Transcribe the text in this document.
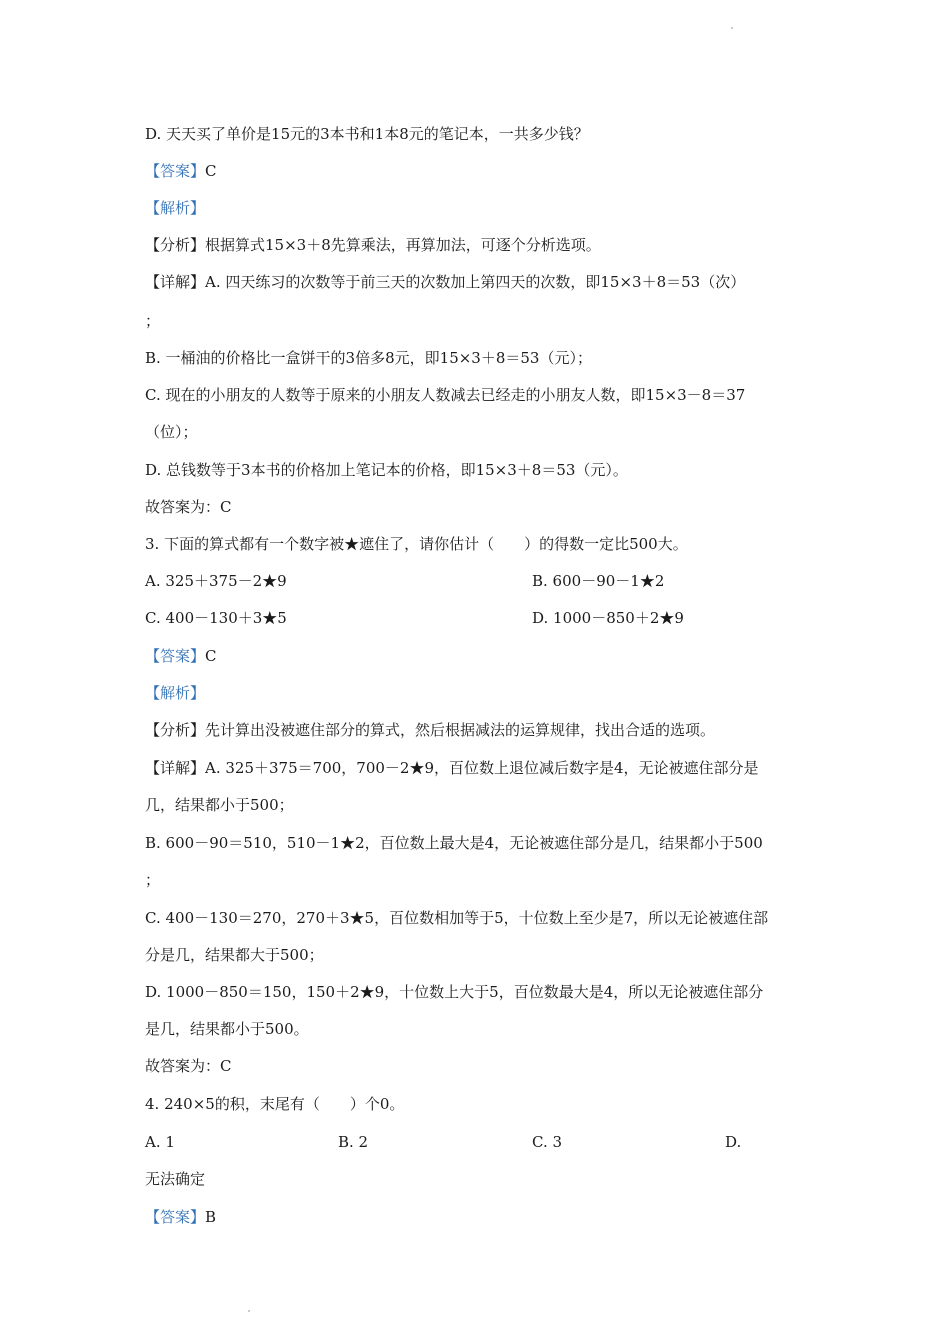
D. 天天买了单价是15元的3本书和1本8元的笔记本，一共多少钱？
【答案】C
【解析】
【分析】根据算式15×3＋8先算乘法，再算加法，可逐个分析选项。
【详解】A. 四天练习的次数等于前三天的次数加上第四天的次数，即15×3＋8＝53（次）
；
B. 一桶油的价格比一盒饼干的3倍多8元，即15×3＋8＝53（元）；
C. 现在的小朋友的人数等于原来的小朋友人数减去已经走的小朋友人数，即15×3－8＝37
（位）；
D. 总钱数等于3本书的价格加上笔记本的价格，即15×3＋8＝53（元）。
故答案为：C
3. 下面的算式都有一个数字被★遮住了，请你估计（　　）的得数一定比500大。
A. 325＋375－2★9	B. 600－90－1★2
C. 400－130＋3★5	D. 1000－850＋2★9
【答案】C
【解析】
【分析】先计算出没被遮住部分的算式，然后根据减法的运算规律，找出合适的选项。
【详解】A. 325＋375＝700，700－2★9，百位数上退位减后数字是4，无论被遮住部分是
几，结果都小于500；
B. 600－90＝510，510－1★2，百位数上最大是4，无论被遮住部分是几，结果都小于500
；
C. 400－130＝270，270＋3★5，百位数相加等于5，十位数上至少是7，所以无论被遮住部
分是几，结果都大于500；
D. 1000－850＝150，150＋2★9，十位数上大于5，百位数最大是4，所以无论被遮住部分
是几，结果都小于500。
故答案为：C
4. 240×5的积，末尾有（　　）个0。
A. 1	B. 2	C. 3	D.
无法确定
【答案】B
